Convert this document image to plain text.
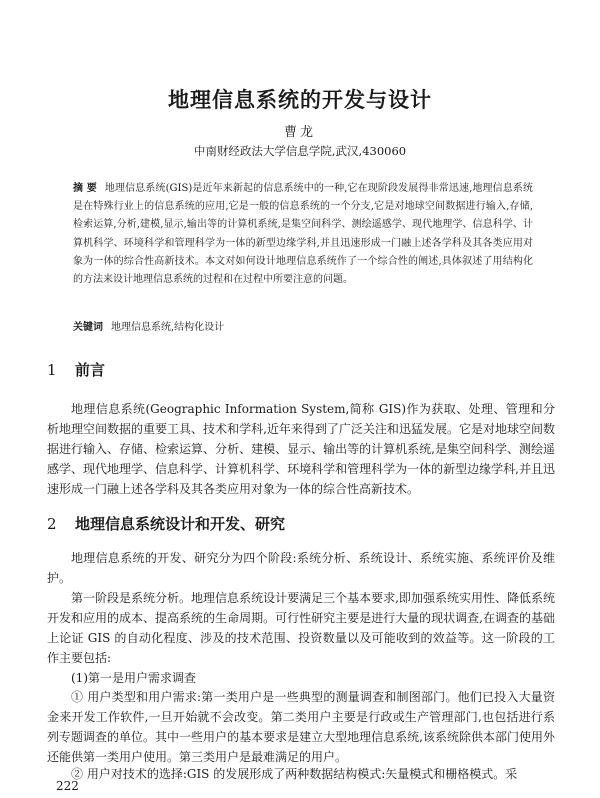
地理信息系统的开发与设计
曹龙
中南财经政法大学信息学院,武汉,430060

摘 要 地理信息系统(GIS)是近年来新起的信息系统中的一种,它在现阶段发展得非常迅速,地理信息系统是在特殊行业上的信息系统的应用,它是一般的信息系统的一个分支,它是对地球空间数据进行输入,存储,检索运算,分析,建模,显示,输出等的计算机系统,是集空间科学、测绘遥感学、现代地理学、信息科学、计算机科学、环境科学和管理科学为一体的新型边缘学科,并且迅速形成一门融上述各学科及其各类应用对象为一体的综合性高新技术。本文对如何设计地理信息系统作了一个综合性的阐述,具体叙述了用结构化的方法来设计地理信息系统的过程和在过程中所要注意的问题。

关键词 地理信息系统,结构化设计

1 前言

地理信息系统(Geographic Information System,简称 GIS)作为获取、处理、管理和分析地理空间数据的重要工具、技术和学科,近年来得到了广泛关注和迅猛发展。它是对地球空间数据进行输入、存储、检索运算、分析、建模、显示、输出等的计算机系统,是集空间科学、测绘遥感学、现代地理学、信息科学、计算机科学、环境科学和管理科学为一体的新型边缘学科,并且迅速形成一门融上述各学科及其各类应用对象为一体的综合性高新技术。

2 地理信息系统设计和开发、研究

地理信息系统的开发、研究分为四个阶段:系统分析、系统设计、系统实施、系统评价及维护。

第一阶段是系统分析。地理信息系统设计要满足三个基本要求,即加强系统实用性、降低系统开发和应用的成本、提高系统的生命周期。可行性研究主要是进行大量的现状调查,在调查的基础上论证 GIS 的自动化程度、涉及的技术范围、投资数量以及可能收到的效益等。这一阶段的工作主要包括:

(1)第一是用户需求调查

① 用户类型和用户需求:第一类用户是一些典型的测量调查和制图部门。他们已投入大量资金来开发工作软件,一旦开始就不会改变。第二类用户主要是行政或生产管理部门,也包括进行系列专题调查的单位。其中一些用户的基本要求是建立大型地理信息系统,该系统除供本部门使用外还能供第一类用户使用。第三类用户是最难满足的用户。

② 用户对技术的选择:GIS 的发展形成了两种数据结构模式:矢量模式和栅格模式。采

222
